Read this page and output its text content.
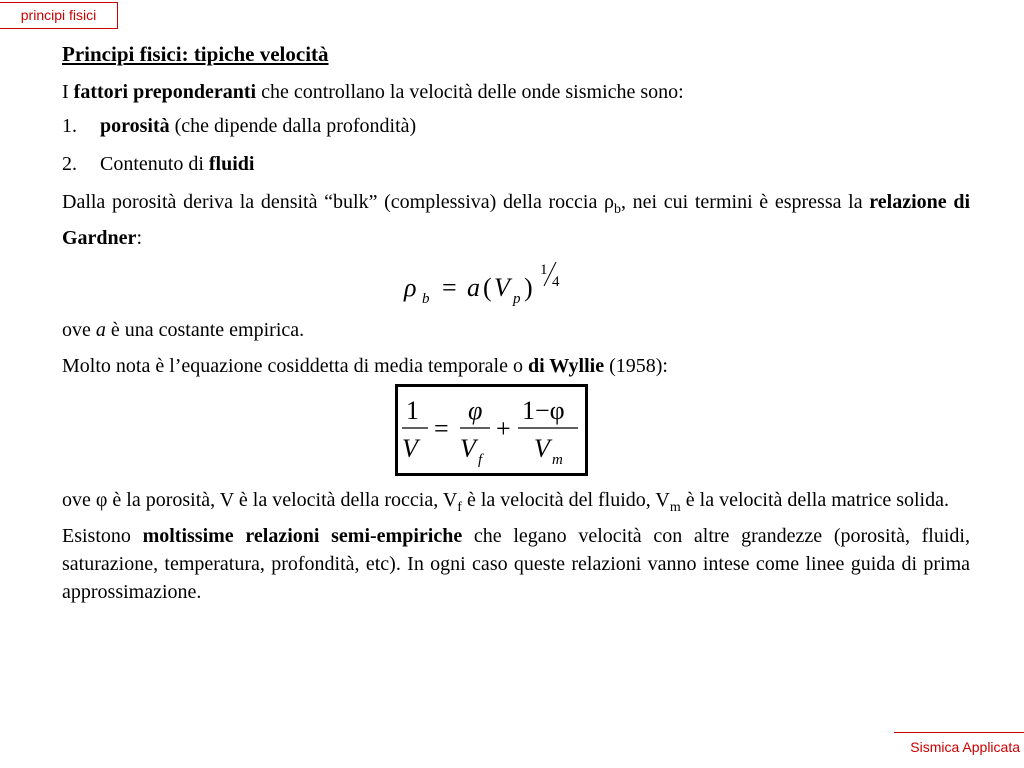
principi fisici
Principi fisici: tipiche velocità

I fattori preponderanti che controllano la velocità delle onde sismiche sono:

1.	porosità (che dipende dalla profondità)
2.	Contenuto di fluidi

Dalla porosità deriva la densità “bulk” (complessiva) della roccia $\rho_b$, nei cui termini è espressa la relazione di Gardner:

ρ b = a ( V p )
1
4

ove a è una costante empirica.

Molto nota è l’equazione cosiddetta di media temporale o di Wyllie (1958):

1
V
=
φ
V f
+
1−φ
V m

ove φ è la porosità, V è la velocità della roccia, $V_f$ è la velocità del fluido, $V_m$ è la velocità della matrice solida.

Esistono moltissime relazioni semi-empiriche che legano velocità con altre grandezze (porosità, fluidi, saturazione, temperatura, profondità, etc). In ogni caso queste relazioni vanno intese come linee guida di prima approssimazione.

Sismica Applicata
